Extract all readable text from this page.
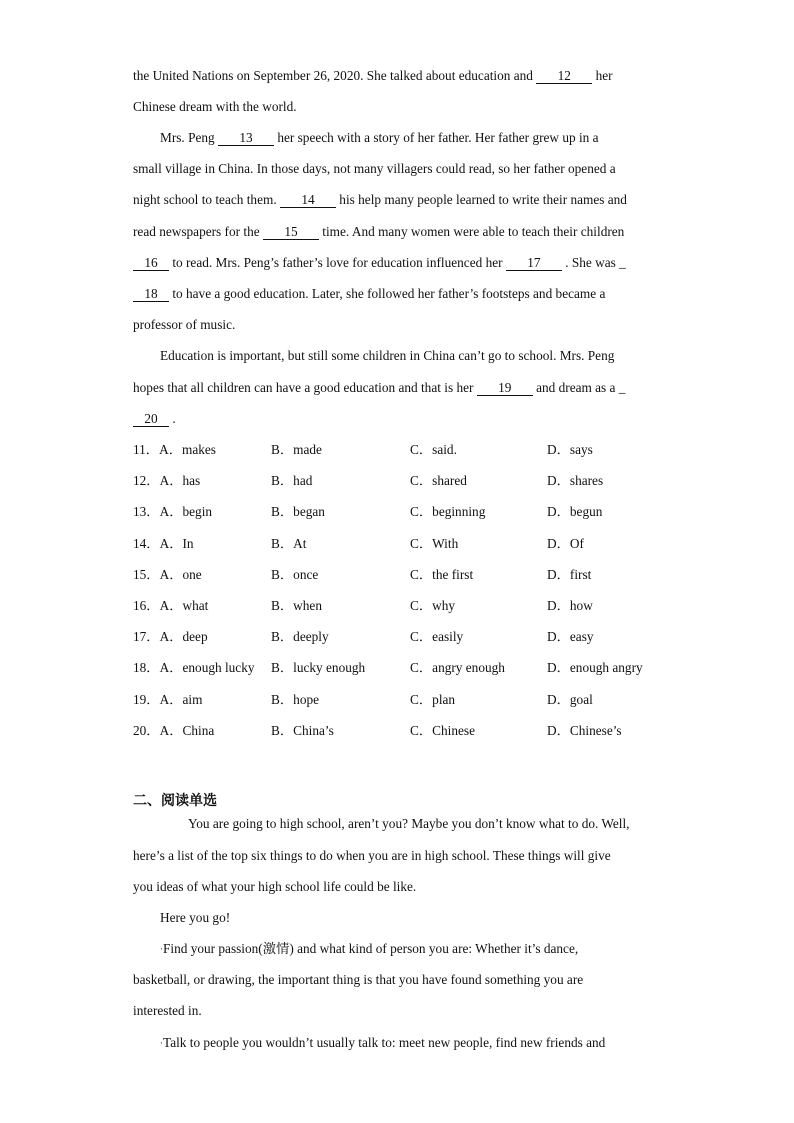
the United Nations on September 26, 2020. She talked about education and 12 her
Chinese dream with the world.
Mrs. Peng 13 her speech with a story of her father. Her father grew up in a
small village in China. In those days, not many villagers could read, so her father opened a
night school to teach them. 14 his help many people learned to write their names and
read newspapers for the 15 time. And many women were able to teach their children
16 to read. Mrs. Peng’s father’s love for education influenced her 17 . She was _
18 to have a good education. Later, she followed her father’s footsteps and became a
professor of music.
Education is important, but still some children in China can’t go to school. Mrs. Peng
hopes that all children can have a good education and that is her 19 and dream as a _
20 .
11．A．makes	B．made	C．said.	D．says
12．A．has	B．had	C．shared	D．shares
13．A．begin	B．began	C．beginning	D．begun
14．A．In	B．At	C．With	D．Of
15．A．one	B．once	C．the first	D．first
16．A．what	B．when	C．why	D．how
17．A．deep	B．deeply	C．easily	D．easy
18．A．enough lucky B．lucky enough	C．angry enough	D．enough angry
19．A．aim	B．hope	C．plan	D．goal
20．A．China	B．China’s	C．Chinese	D．Chinese’s
二、阅读单选
You are going to high school, aren’t you? Maybe you don’t know what to do. Well,
here’s a list of the top six things to do when you are in high school. These things will give
you ideas of what your high school life could be like.
Here you go!
·Find your passion(激情) and what kind of person you are: Whether it’s dance,
basketball, or drawing, the important thing is that you have found something you are
interested in.
·Talk to people you wouldn’t usually talk to: meet new people, find new friends and
